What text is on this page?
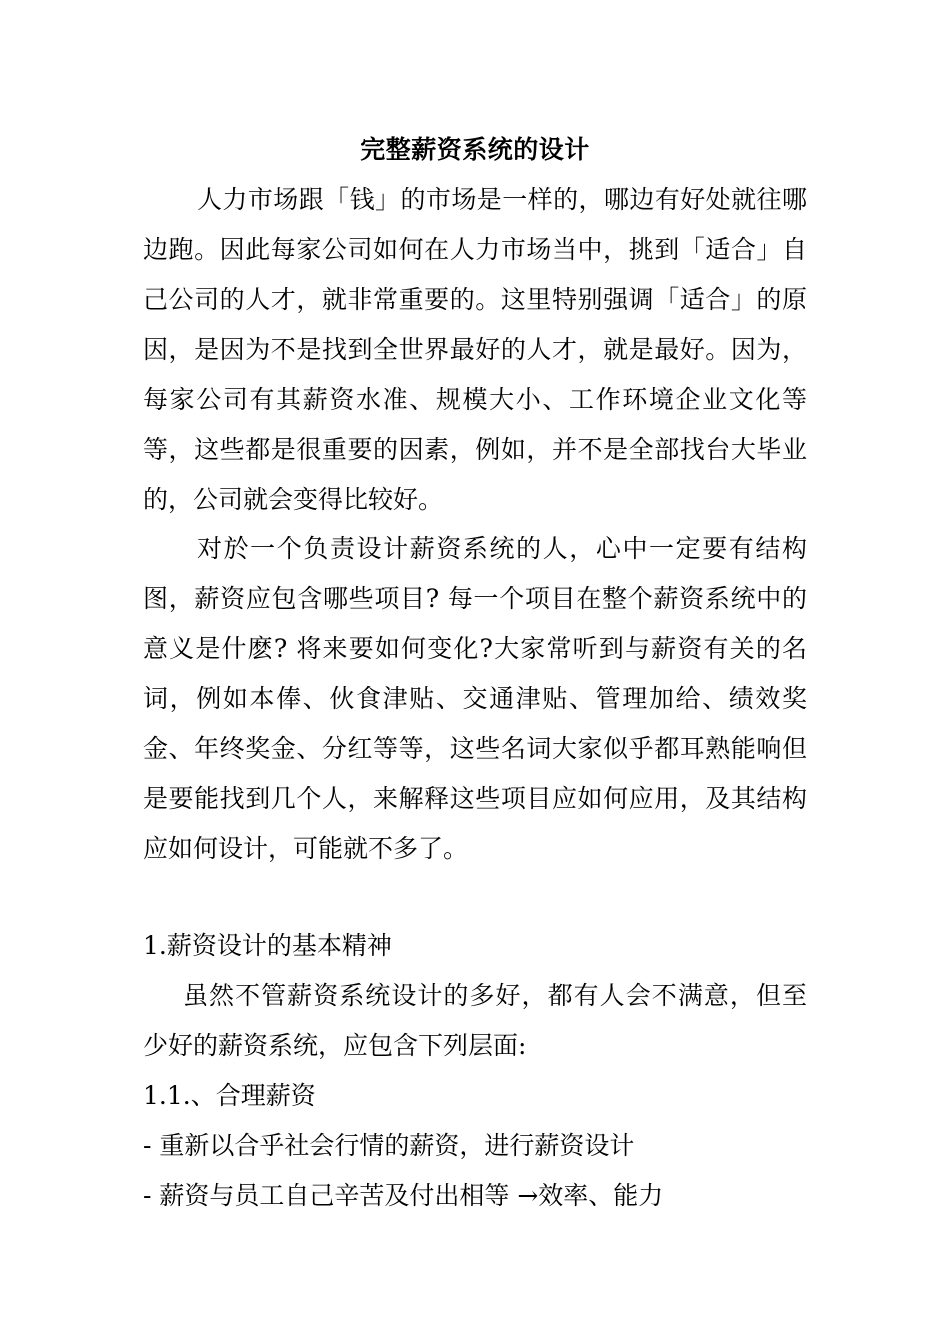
完整薪资系统的设计

人力市场跟「钱」的市场是一样的，哪边有好处就往哪边跑。因此每家公司如何在人力市场当中，挑到「适合」自己公司的人才，就非常重要的。这里特别强调「适合」的原因，是因为不是找到全世界最好的人才，就是最好。因为，每家公司有其薪资水准、规模大小、工作环境企业文化等等，这些都是很重要的因素，例如，并不是全部找台大毕业的，公司就会变得比较好。

对於一个负责设计薪资系统的人，心中一定要有结构图，薪资应包含哪些项目? 每一个项目在整个薪资系统中的意义是什麽? 将来要如何变化?大家常听到与薪资有关的名词，例如本俸、伙食津贴、交通津贴、管理加给、绩效奖金、年终奖金、分红等等，这些名词大家似乎都耳熟能响但是要能找到几个人，来解释这些项目应如何应用，及其结构应如何设计，可能就不多了。

1.薪资设计的基本精神

虽然不管薪资系统设计的多好，都有人会不满意，但至少好的薪资系统，应包含下列层面:

1.1.、合理薪资
- 重新以合乎社会行情的薪资，进行薪资设计
- 薪资与员工自己辛苦及付出相等 →效率、能力
